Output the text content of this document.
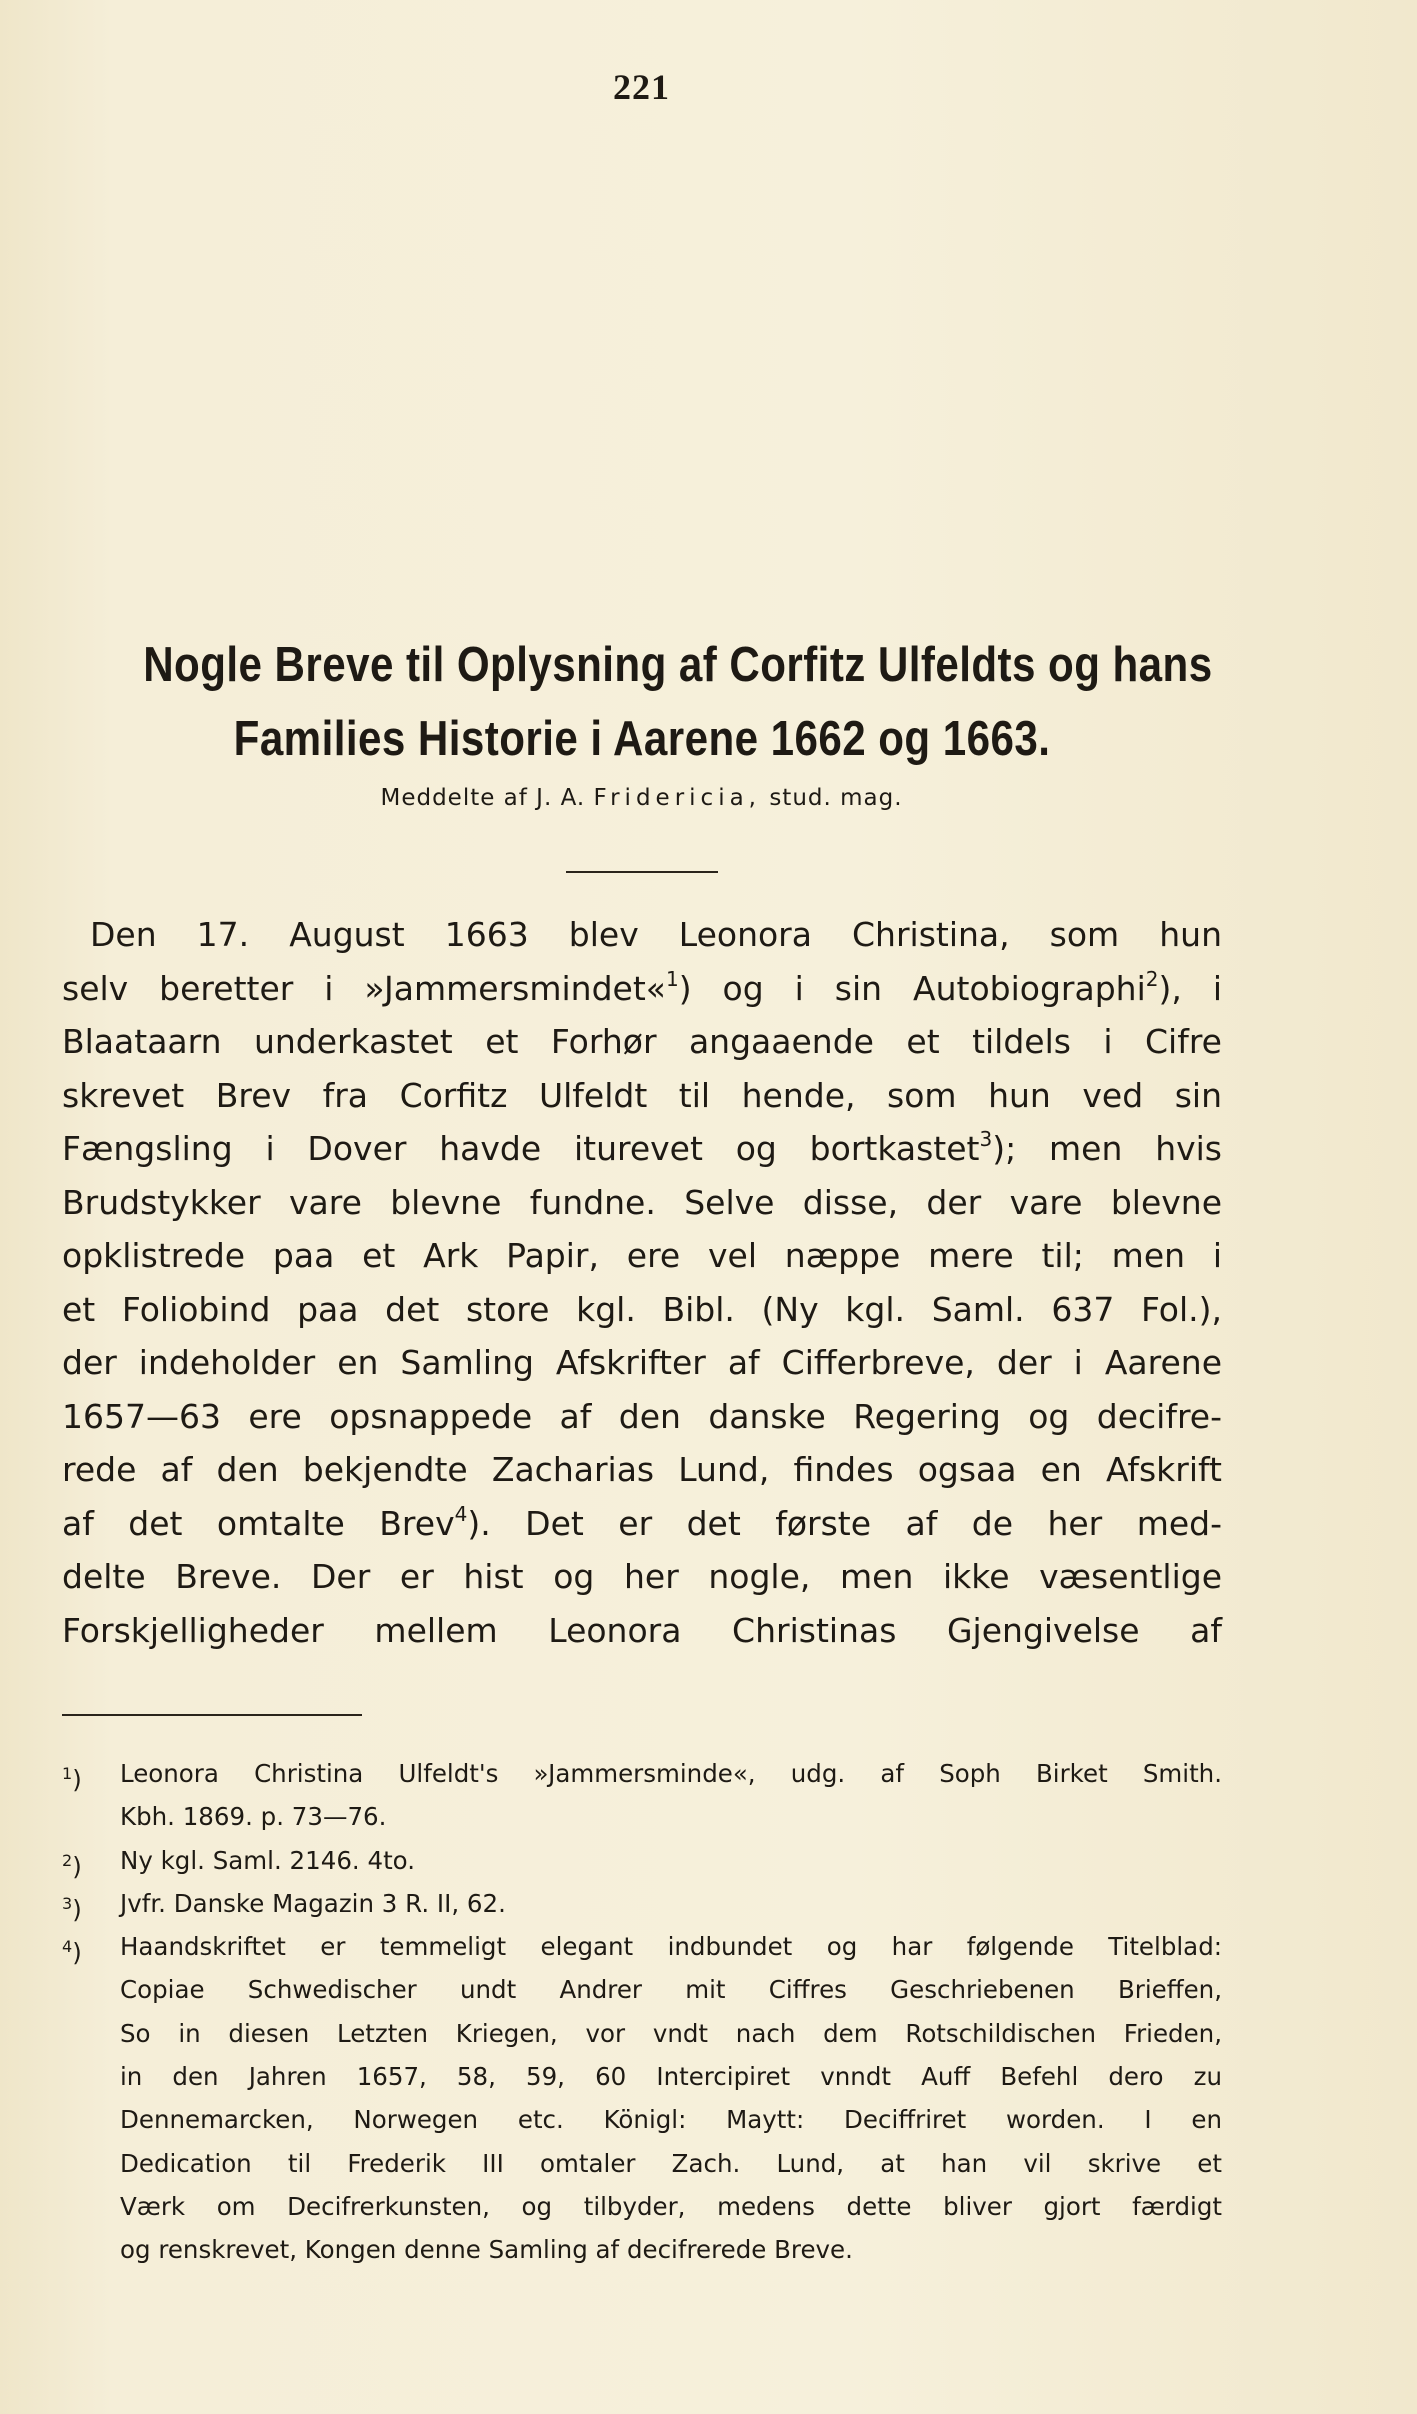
221
Nogle Breve til Oplysning af Corfitz Ulfeldts og hans
Families Historie i Aarene 1662 og 1663.
Meddelte af J. A. Fridericia, stud. mag.
Den 17. August 1663 blev Leonora Christina, som hun
selv beretter i »Jammersmindet«$^1$) og i sin Autobiographi$^2$), i
Blaataarn underkastet et Forhør angaaende et tildels i Cifre
skrevet Brev fra Corfitz Ulfeldt til hende, som hun ved sin
Fængsling i Dover havde iturevet og bortkastet$^3$); men hvis
Brudstykker vare blevne fundne. Selve disse, der vare blevne
opklistrede paa et Ark Papir, ere vel næppe mere til; men i
et Foliobind paa det store kgl. Bibl. (Ny kgl. Saml. 637 Fol.),
der indeholder en Samling Afskrifter af Cifferbreve, der i Aarene
1657—63 ere opsnappede af den danske Regering og decifre-
rede af den bekjendte Zacharias Lund, findes ogsaa en Afskrift
af det omtalte Brev$^4$). Det er det første af de her med-
delte Breve. Der er hist og her nogle, men ikke væsentlige
Forskjelligheder mellem Leonora Christinas Gjengivelse af
$^1$) Leonora Christina Ulfeldt's »Jammersminde«, udg. af Soph Birket Smith.
Kbh. 1869. p. 73—76.
$^2$) Ny kgl. Saml. 2146. 4to.
$^3$) Jvfr. Danske Magazin 3 R. II, 62.
$^4$) Haandskriftet er temmeligt elegant indbundet og har følgende Titelblad:
Copiae Schwedischer undt Andrer mit Ciffres Geschriebenen Brieffen,
So in diesen Letzten Kriegen, vor vndt nach dem Rotschildischen Frieden,
in den Jahren 1657, 58, 59, 60 Intercipiret vnndt Auff Befehl dero zu
Dennemarcken, Norwegen etc. Königl: Maytt: Deciffriret worden. I en
Dedication til Frederik III omtaler Zach. Lund, at han vil skrive et
Værk om Decifrerkunsten, og tilbyder, medens dette bliver gjort færdigt
og renskrevet, Kongen denne Samling af decifrerede Breve.
